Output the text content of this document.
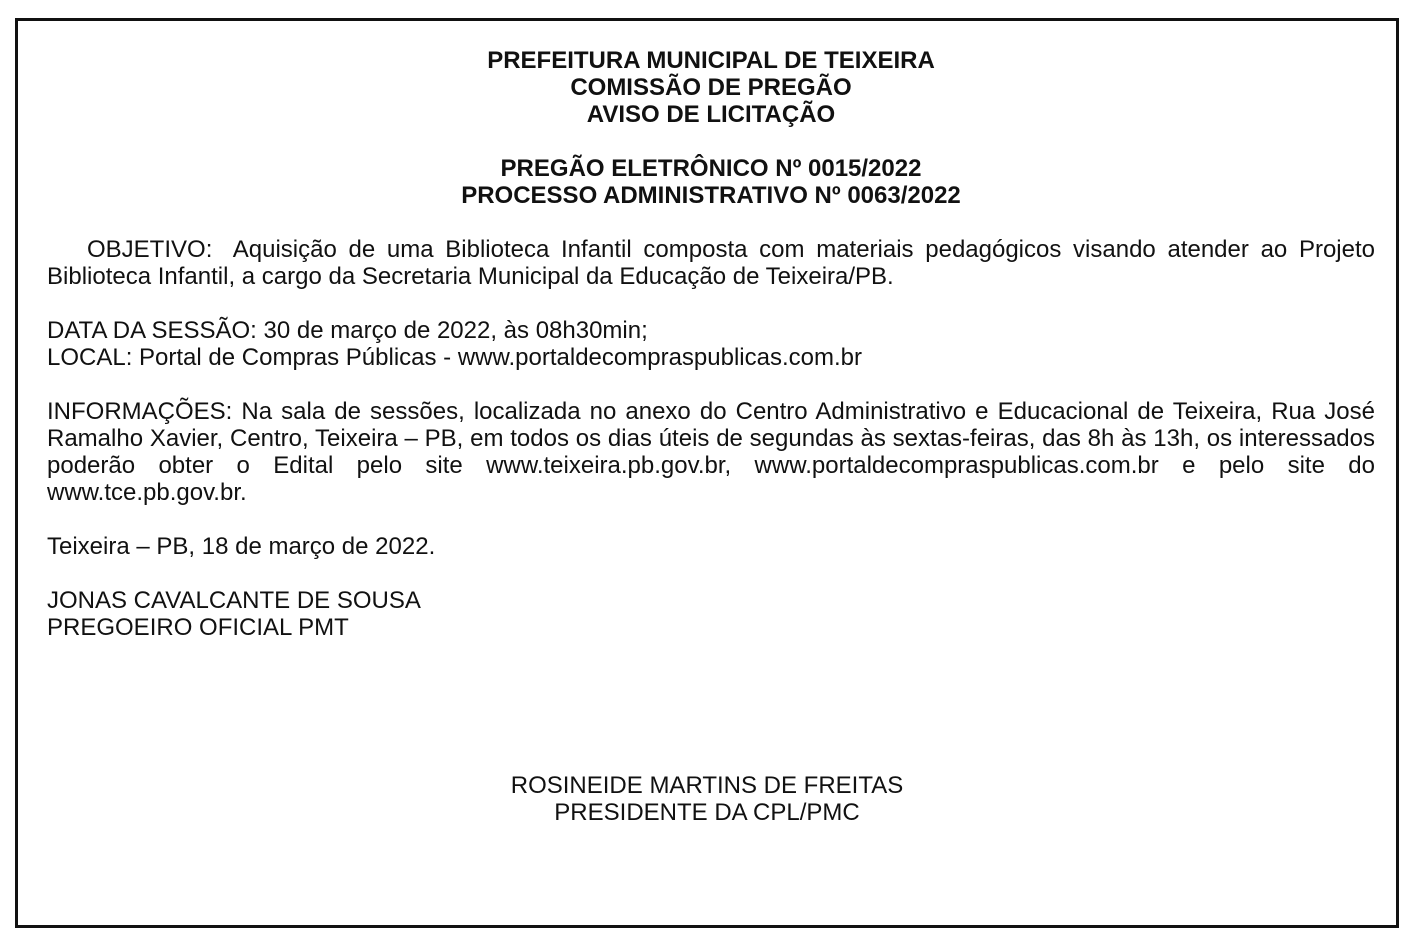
PREFEITURA MUNICIPAL DE TEIXEIRA
COMISSÃO DE PREGÃO
AVISO DE LICITAÇÃO
PREGÃO ELETRÔNICO Nº 0015/2022
PROCESSO ADMINISTRATIVO Nº 0063/2022
OBJETIVO: Aquisição de uma Biblioteca Infantil composta com materiais pedagógicos visando atender ao Projeto Biblioteca Infantil, a cargo da Secretaria Municipal da Educação de Teixeira/PB.
DATA DA SESSÃO: 30 de março de 2022, às 08h30min;
LOCAL: Portal de Compras Públicas - www.portaldecompraspublicas.com.br
INFORMAÇÕES: Na sala de sessões, localizada no anexo do Centro Administrativo e Educacional de Teixeira, Rua José Ramalho Xavier, Centro, Teixeira – PB, em todos os dias úteis de segundas às sextas-feiras, das 8h às 13h, os interessados poderão obter o Edital pelo site www.teixeira.pb.gov.br, www.portaldecompraspublicas.com.br e pelo site do www.tce.pb.gov.br.
Teixeira – PB, 18 de março de 2022.
JONAS CAVALCANTE DE SOUSA
PREGOEIRO OFICIAL PMT
ROSINEIDE MARTINS DE FREITAS
PRESIDENTE DA CPL/PMC
